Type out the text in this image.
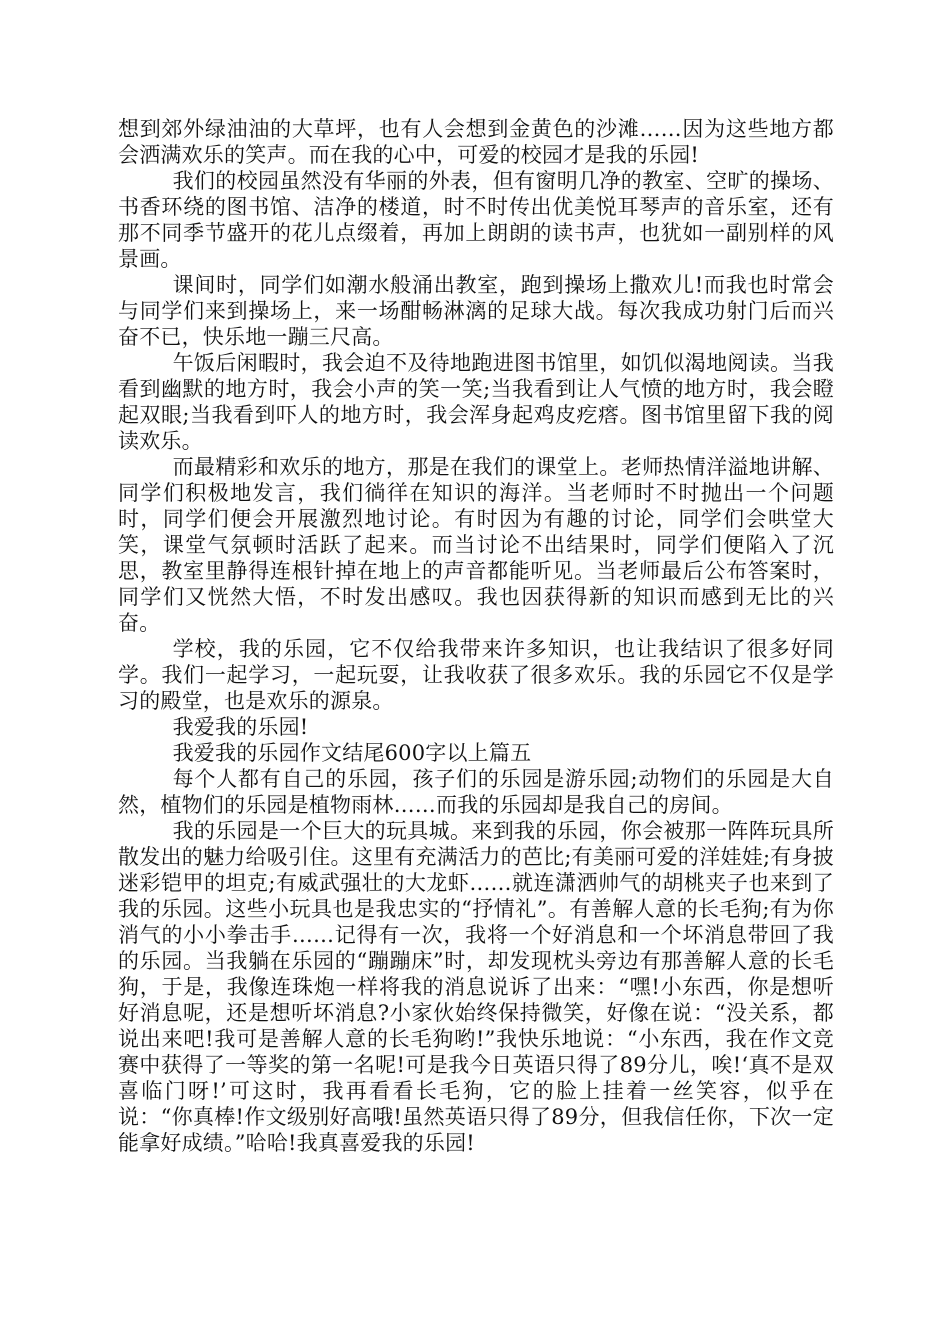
想到郊外绿油油的大草坪，也有人会想到金黄色的沙滩……因为这些地方都会洒满欢乐的笑声。而在我的心中，可爱的校园才是我的乐园!

我们的校园虽然没有华丽的外表，但有窗明几净的教室、空旷的操场、书香环绕的图书馆、洁净的楼道，时不时传出优美悦耳琴声的音乐室，还有那不同季节盛开的花儿点缀着，再加上朗朗的读书声，也犹如一副别样的风景画。

课间时，同学们如潮水般涌出教室，跑到操场上撒欢儿!而我也时常会与同学们来到操场上，来一场酣畅淋漓的足球大战。每次我成功射门后而兴奋不已，快乐地一蹦三尺高。

午饭后闲暇时，我会迫不及待地跑进图书馆里，如饥似渴地阅读。当我看到幽默的地方时，我会小声的笑一笑;当我看到让人气愤的地方时，我会瞪起双眼;当我看到吓人的地方时，我会浑身起鸡皮疙瘩。图书馆里留下我的阅读欢乐。

而最精彩和欢乐的地方，那是在我们的课堂上。老师热情洋溢地讲解、同学们积极地发言，我们徜徉在知识的海洋。当老师时不时抛出一个问题时，同学们便会开展激烈地讨论。有时因为有趣的讨论，同学们会哄堂大笑，课堂气氛顿时活跃了起来。而当讨论不出结果时，同学们便陷入了沉思，教室里静得连根针掉在地上的声音都能听见。当老师最后公布答案时，同学们又恍然大悟，不时发出感叹。我也因获得新的知识而感到无比的兴奋。

学校，我的乐园，它不仅给我带来许多知识，也让我结识了很多好同学。我们一起学习，一起玩耍，让我收获了很多欢乐。我的乐园它不仅是学习的殿堂，也是欢乐的源泉。

我爱我的乐园!

我爱我的乐园作文结尾600字以上篇五

每个人都有自己的乐园，孩子们的乐园是游乐园;动物们的乐园是大自然，植物们的乐园是植物雨林……而我的乐园却是我自己的房间。

我的乐园是一个巨大的玩具城。来到我的乐园，你会被那一阵阵玩具所散发出的魅力给吸引住。这里有充满活力的芭比;有美丽可爱的洋娃娃;有身披迷彩铠甲的坦克;有威武强壮的大龙虾……就连潇洒帅气的胡桃夹子也来到了我的乐园。这些小玩具也是我忠实的“抒情礼”。有善解人意的长毛狗;有为你消气的小小拳击手……记得有一次，我将一个好消息和一个坏消息带回了我的乐园。当我躺在乐园的“蹦蹦床”时，却发现枕头旁边有那善解人意的长毛狗，于是，我像连珠炮一样将我的消息说诉了出来：“嘿!小东西，你是想听好消息呢，还是想听坏消息?小家伙始终保持微笑，好像在说：“没关系，都说出来吧!我可是善解人意的长毛狗哟!”我快乐地说：“小东西，我在作文竞赛中获得了一等奖的第一名呢!可是我今日英语只得了89分儿，唉!‘真不是双喜临门呀!’可这时，我再看看长毛狗，它的脸上挂着一丝笑容，似乎在说：“你真棒!作文级别好高哦!虽然英语只得了89分，但我信任你，下次一定能拿好成绩。”哈哈!我真喜爱我的乐园!
